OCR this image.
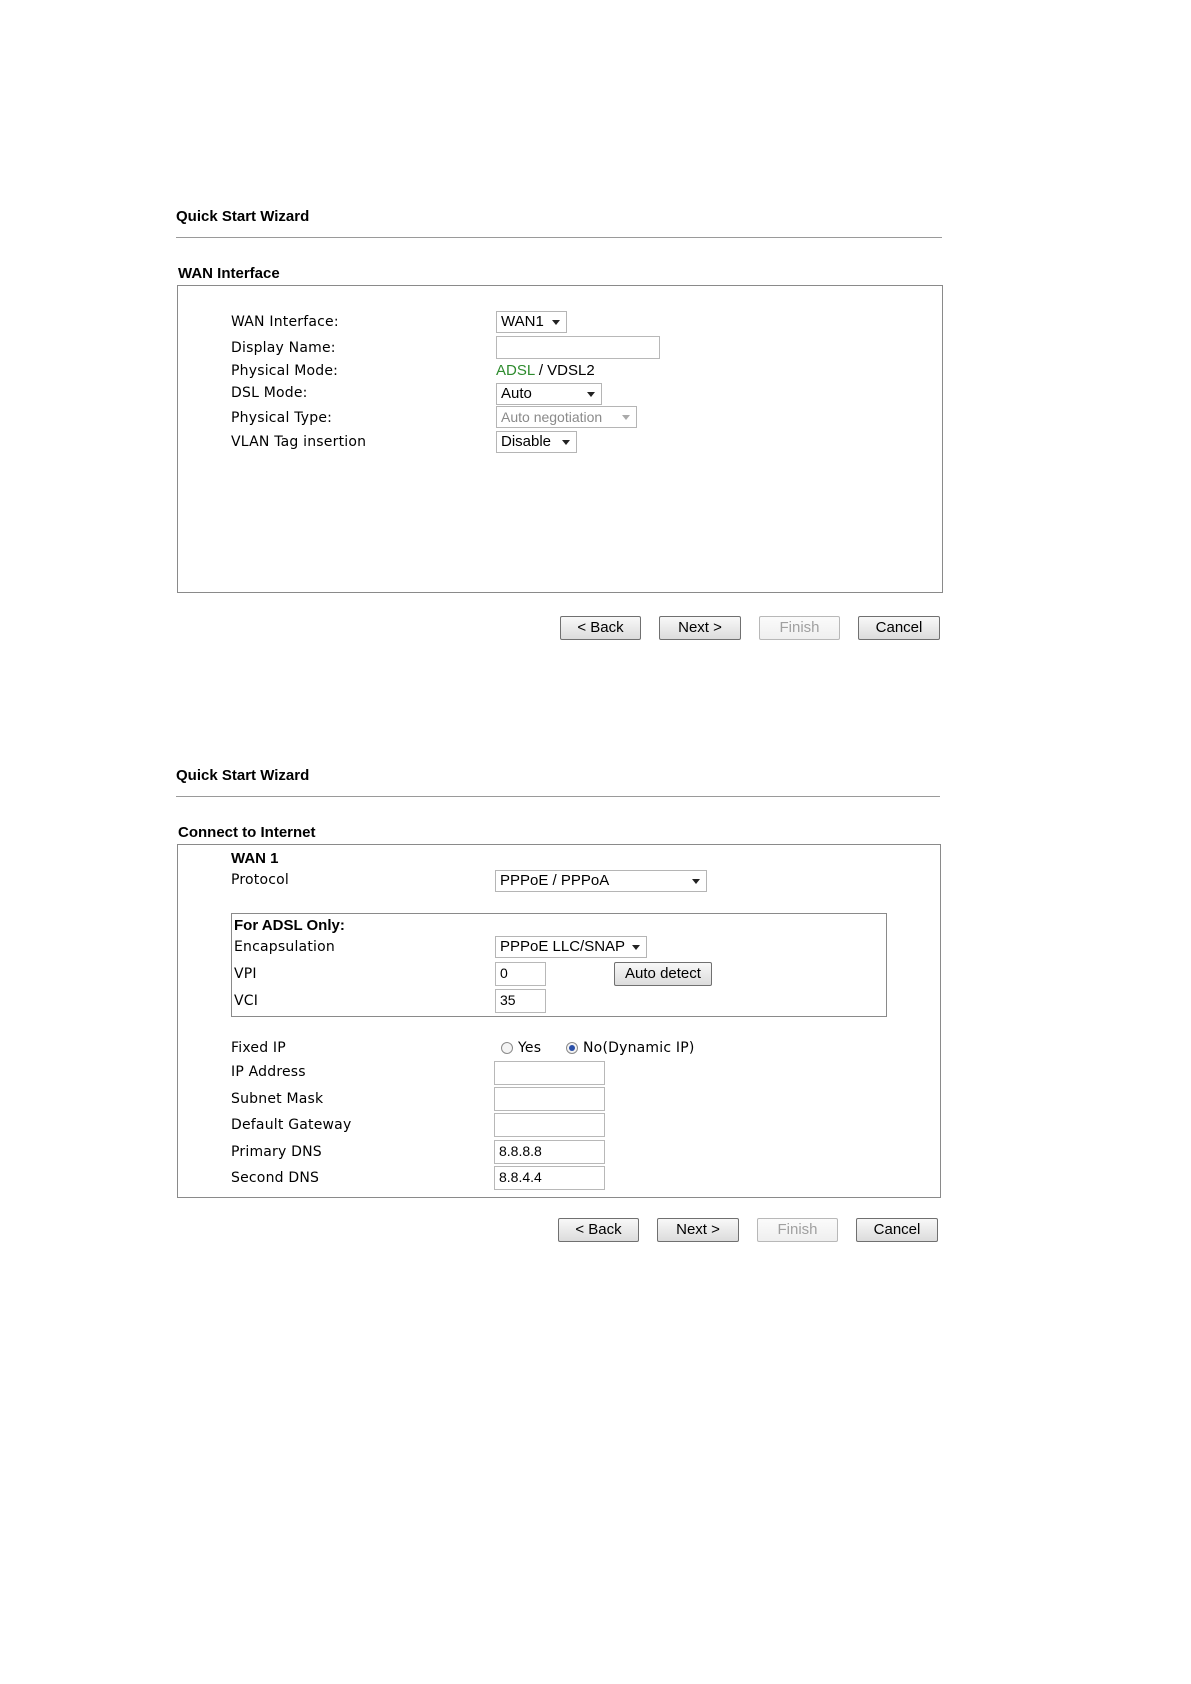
Quick Start Wizard
WAN Interface
WAN Interface:	WAN1
Display Name:
Physical Mode:	ADSL / VDSL2
DSL Mode:	Auto
Physical Type:	Auto negotiation
VLAN Tag insertion	Disable
< Back	Next >	Finish	Cancel
Quick Start Wizard
Connect to Internet
WAN 1
Protocol	PPPoE / PPPoA
For ADSL Only:
Encapsulation	PPPoE LLC/SNAP
VPI	0	Auto detect
VCI	35
Fixed IP	Yes	No(Dynamic IP)
IP Address
Subnet Mask
Default Gateway
Primary DNS	8.8.8.8
Second DNS	8.8.4.4
< Back	Next >	Finish	Cancel
